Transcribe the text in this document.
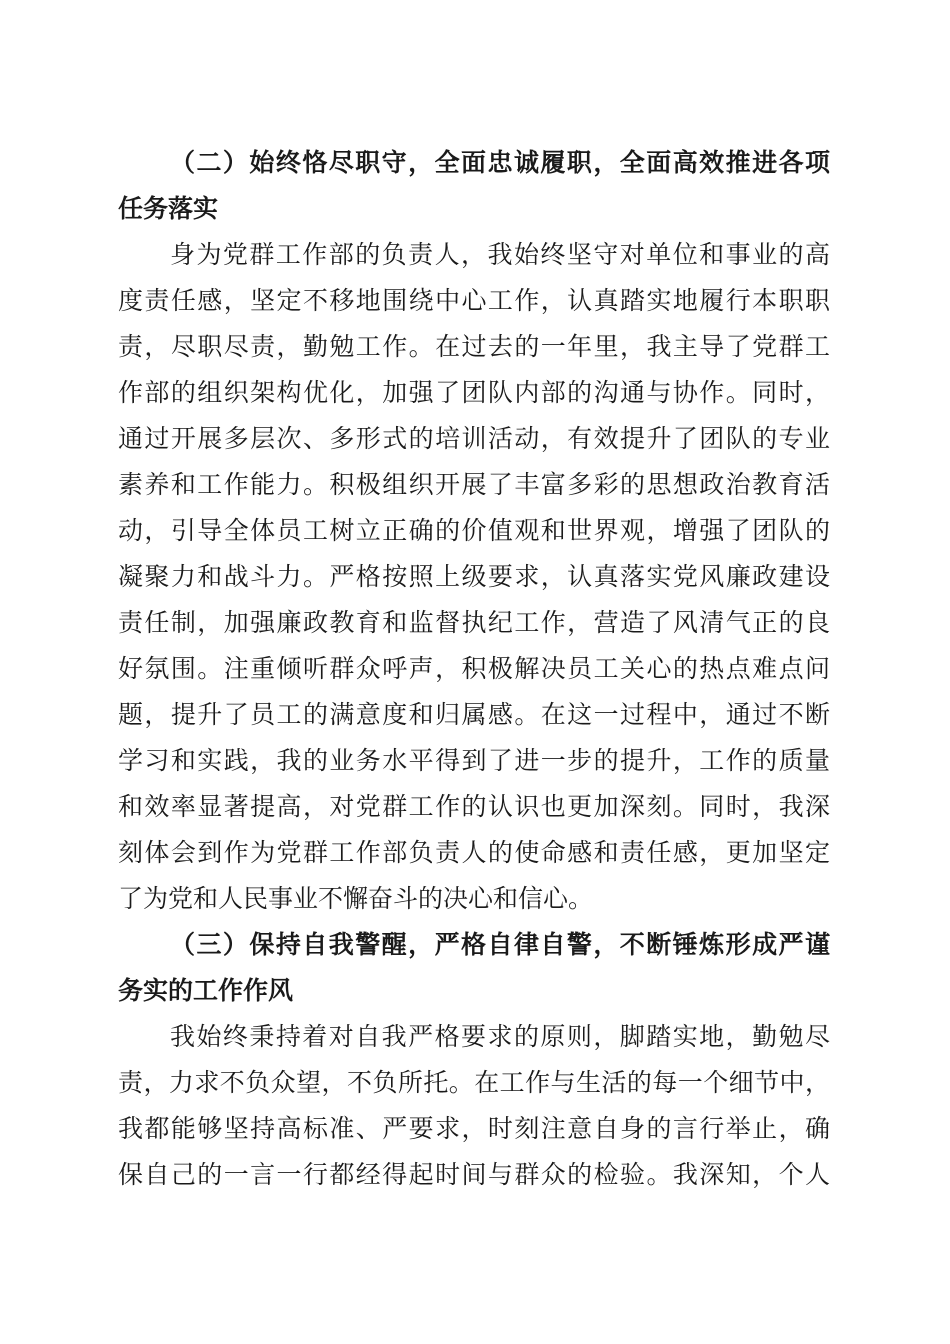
（二）始终恪尽职守，全面忠诚履职，全面高效推进各项
任务落实
身为党群工作部的负责人，我始终坚守对单位和事业的高
度责任感，坚定不移地围绕中心工作，认真踏实地履行本职职
责，尽职尽责，勤勉工作。在过去的一年里，我主导了党群工
作部的组织架构优化，加强了团队内部的沟通与协作。同时，
通过开展多层次、多形式的培训活动，有效提升了团队的专业
素养和工作能力。积极组织开展了丰富多彩的思想政治教育活
动，引导全体员工树立正确的价值观和世界观，增强了团队的
凝聚力和战斗力。严格按照上级要求，认真落实党风廉政建设
责任制，加强廉政教育和监督执纪工作，营造了风清气正的良
好氛围。注重倾听群众呼声，积极解决员工关心的热点难点问
题，提升了员工的满意度和归属感。在这一过程中，通过不断
学习和实践，我的业务水平得到了进一步的提升，工作的质量
和效率显著提高，对党群工作的认识也更加深刻。同时，我深
刻体会到作为党群工作部负责人的使命感和责任感，更加坚定
了为党和人民事业不懈奋斗的决心和信心。
（三）保持自我警醒，严格自律自警，不断锤炼形成严谨
务实的工作作风
我始终秉持着对自我严格要求的原则，脚踏实地，勤勉尽
责，力求不负众望，不负所托。在工作与生活的每一个细节中，
我都能够坚持高标准、严要求，时刻注意自身的言行举止，确
保自己的一言一行都经得起时间与群众的检验。我深知，个人
